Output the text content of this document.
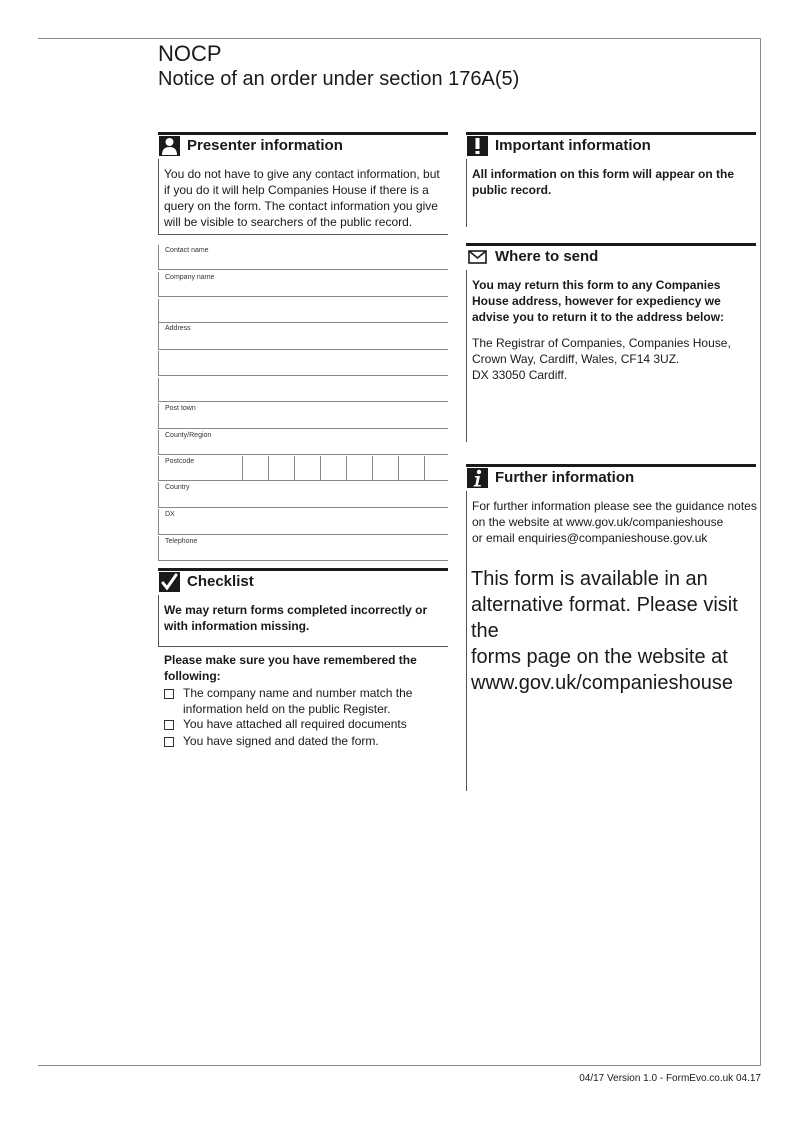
NOCP
Notice of an order under section 176A(5)
Presenter information
You do not have to give any contact information, but if you do it will help Companies House if there is a query on the form. The contact information you give will be visible to searchers of the public record.
Contact name
Company name
Address
Post town
County/Region
Postcode
Country
DX
Telephone
Checklist
We may return forms completed incorrectly or with information missing.
Please make sure you have remembered the following:
The company name and number match the information held on the public Register.
You have attached all required documents
You have signed and dated the form.
Important information
All information on this form will appear on the public record.
Where to send
You may return this form to any Companies House address, however for expediency we advise you to return it to the address below:
The Registrar of Companies, Companies House,
Crown Way, Cardiff, Wales, CF14 3UZ.
DX 33050 Cardiff.
Further information
For further information please see the guidance notes
on the website at www.gov.uk/companieshouse
or email enquiries@companieshouse.gov.uk
This form is available in an
alternative format. Please visit the
forms page on the website at
www.gov.uk/companieshouse
04/17 Version 1.0 - FormEvo.co.uk 04.17
